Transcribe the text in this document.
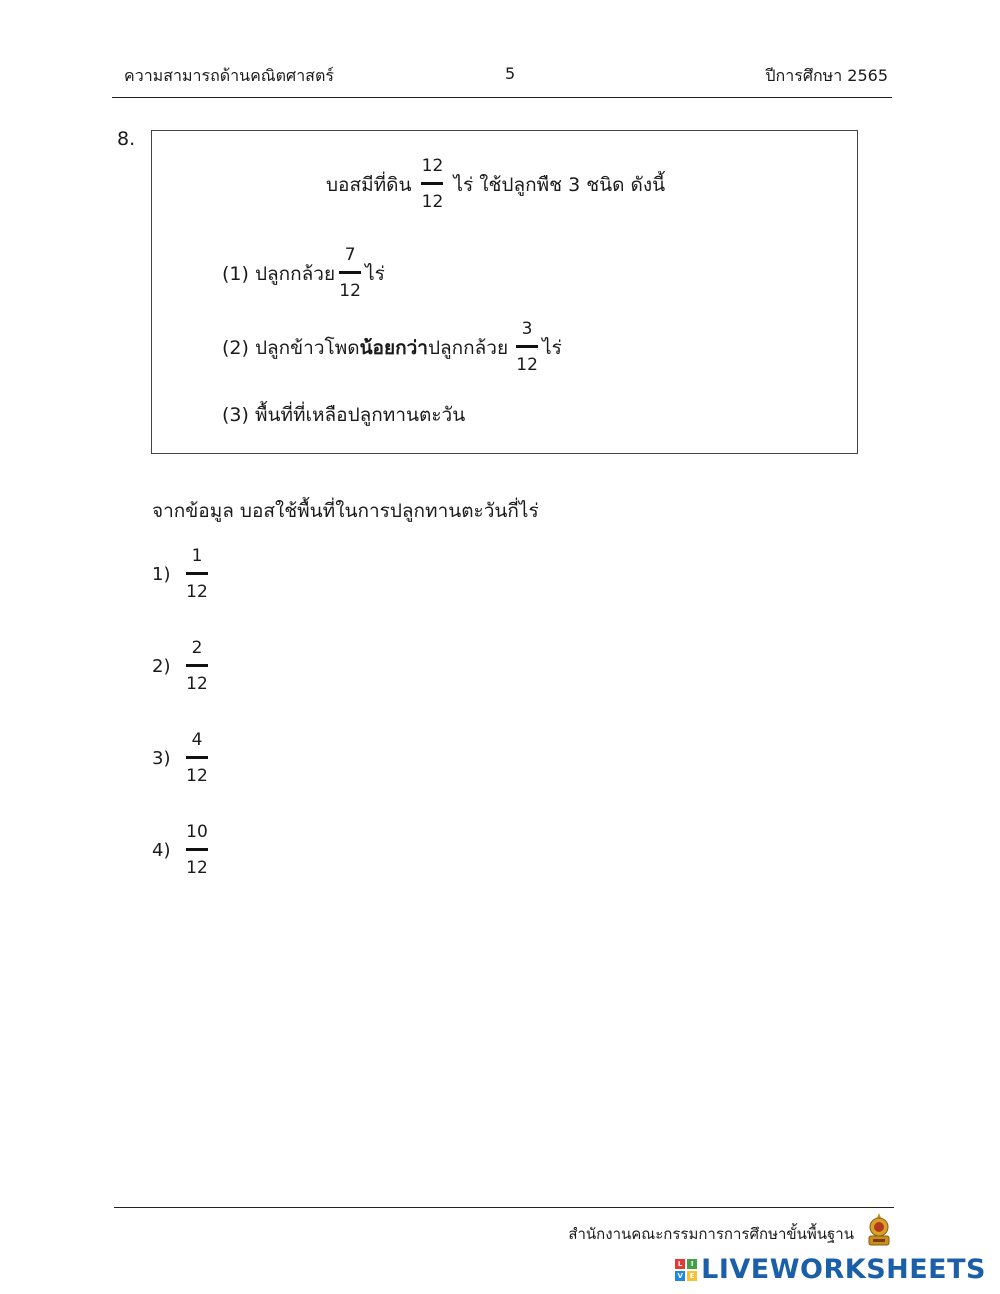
ความสามารถด้านคณิตศาสตร์	5	ปีการศึกษา 2565
8.
บอสมีที่ดิน $\frac{12}{12}$ ไร่ ใช้ปลูกพืช 3 ชนิด ดังนี้
(1) ปลูกกล้วย $\frac{7}{12}$ ไร่
(2) ปลูกข้าวโพด น้อยกว่า ปลูกกล้วย $\frac{3}{12}$ ไร่
(3) พื้นที่ที่เหลือปลูกทานตะวัน
จากข้อมูล บอสใช้พื้นที่ในการปลูกทานตะวันกี่ไร่
$1) \frac{1}{12}$
$2) \frac{2}{12}$
$3) \frac{4}{12}$
$4) \frac{10}{12}$
สำนักงานคณะกรรมการการศึกษาขั้นพื้นฐาน
L	I
V E LIVEWORKSHEETS
